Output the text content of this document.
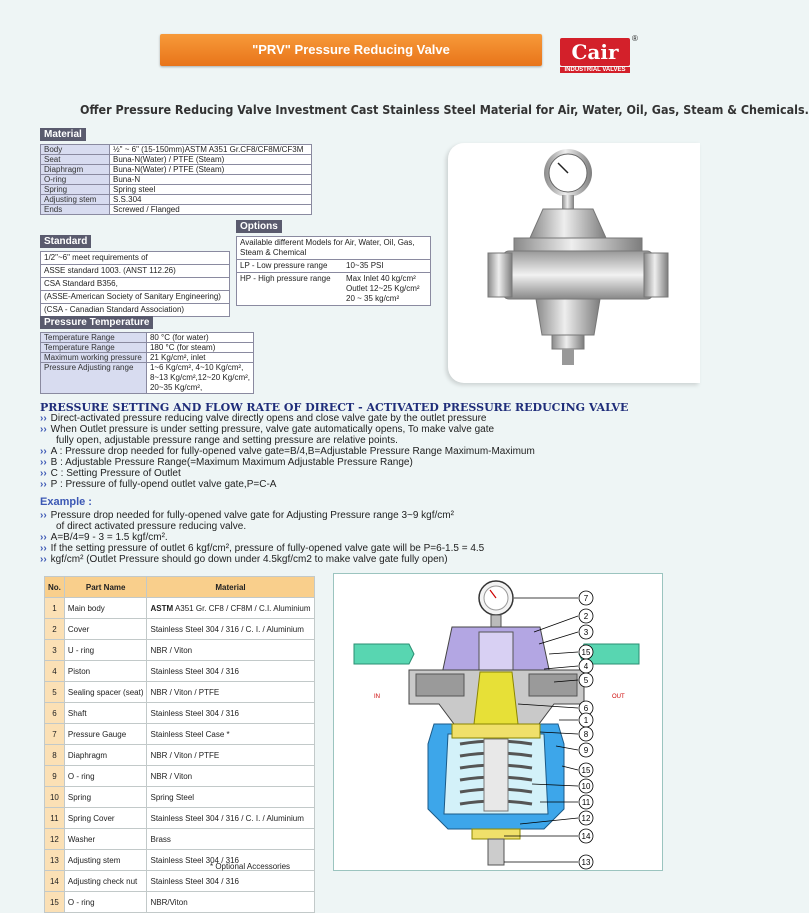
"PRV" Pressure Reducing Valve	Cair
INDUSTRIAL VALVES
®
Offer Pressure Reducing Valve Investment Cast Stainless Steel Material for Air, Water, Oil, Gas, Steam & Chemicals.
Material
Body	½" ~ 6" (15-150mm)ASTM A351 Gr.CF8/CF8M/CF3M
Seat	Buna-N(Water) / PTFE (Steam)
Diaphragm	Buna-N(Water) / PTFE (Steam)
O-ring	Buna-N
Spring	Spring steel
Adjusting stem	S.S.304
Ends	Screwed / Flanged
Options
Available different Models for Air, Water, Oil, Gas, Steam & Chemical
LP - Low pressure range 10~35 PSI
HP - High pressure range	Max Inlet 40 kg/cm²
Outlet 12~25 Kg/cm²
20 ~ 35 kg/cm²
Standard
1/2"~6" meet requirements of
ASSE standard 1003. (ANST 112.26)
CSA Standard B356,
(ASSE-American Society of Sanitary Engineering)
(CSA - Canadian Standard Association)
Pressure Temperature
Temperature Range	80 °C (for water)
Temperature Range	180 °C (for steam)
Maximum working pressure	21 Kg/cm², inlet
Pressure Adjusting range	1~6 Kg/cm², 4~10 Kg/cm²,
8~13 Kg/cm²,12~20 Kg/cm²,
20~35 Kg/cm²,
PRESSURE SETTING AND FLOW RATE OF DIRECT - ACTIVATED PRESSURE REDUCING VALVE
›› Direct-activated pressure reducing valve directly opens and close valve gate by the outlet pressure
›› When Outlet pressure is under setting pressure, valve gate automatically opens, To make valve gate
fully open, adjustable pressure range and setting pressure are relative points.
›› A : Pressure drop needed for fully-opened valve gate=B/4,B=Adjustable Pressure Range Maximum-Maximum
›› B : Adjustable Pressure Range(=Maximum Maximum Adjustable Pressure Range)
›› C : Setting Pressure of Outlet
›› P : Pressure of fully-opend outlet valve gate,P=C-A
Example :
›› Pressure drop needed for fully-opened valve gate for Adjusting Pressure range 3~9 kgf/cm²
of direct activated pressure reducing valve.
›› A=B/4=9 - 3 = 1.5 kgf/cm².
›› If the setting pressure of outlet 6 kgf/cm², pressure of fully-opened valve gate will be P=6-1.5 = 4.5
›› kgf/cm² (Outlet Pressure should go down under 4.5kgf/cm2 to make valve gate fully open)
No.	Part Name	Material
1	Main body	ASTM A351 Gr. CF8 / CF8M / C.I. Aluminium
2	Cover	Stainless Steel 304 / 316 / C. I. / Aluminium
3	U - ring	NBR / Viton
4	Piston	Stainless Steel 304 / 316
5	Sealing spacer (seat)	NBR / Viton / PTFE
6	Shaft	Stainless Steel 304 / 316
7	Pressure Gauge	Stainless Steel Case *
8	Diaphragm	NBR / Viton / PTFE
9	O - ring	NBR / Viton
10	Spring	Spring Steel
11	Spring Cover	Stainless Steel 304 / 316 / C. I. / Aluminium
12	Washer	Brass
13	Adjusting stem	Stainless Steel 304 / 316
14	Adjusting check nut	Stainless Steel 304 / 316
15	O - ring	NBR/Viton
* Optional Accessories
IN	OUT
7
2
3
15
4
5
6
1
8
9
15
10
11
12
14
13
